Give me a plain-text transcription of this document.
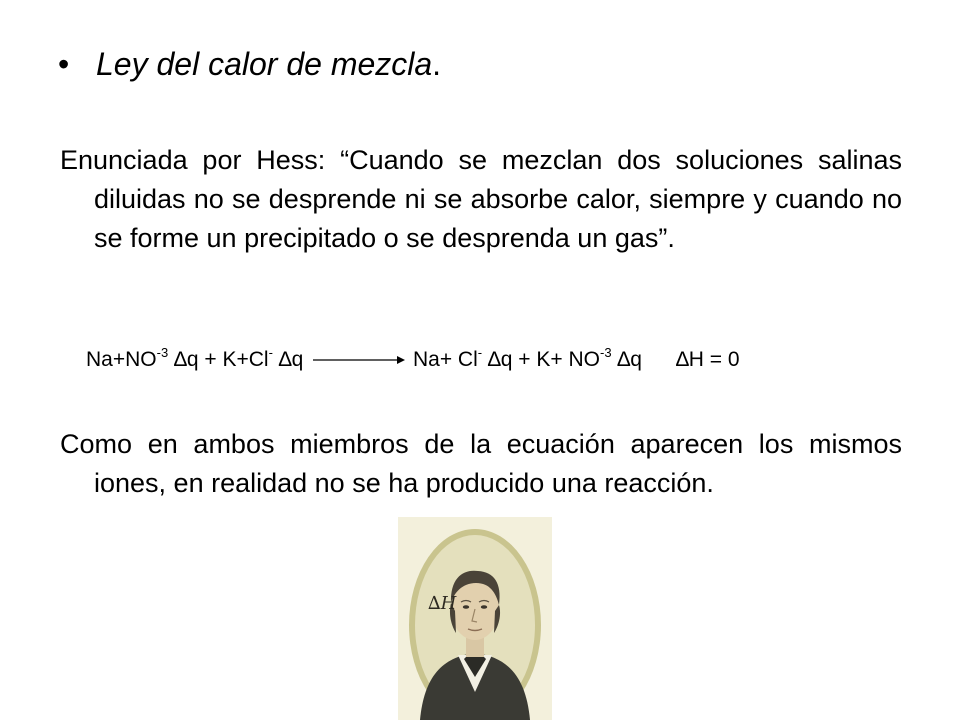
• Ley del calor de mezcla.
Enunciada por Hess: “Cuando se mezclan dos soluciones salinas diluidas no se desprende ni se absorbe calor, siempre y cuando no se forme un precipitado o se desprenda un gas”.
$Na+NO^{-3}$ ∆q + K+Cl- ∆q	Na+ Cl- $\Delta q + K+ NO^{-3}$ ∆q ∆H = 0
Como en ambos miembros de la ecuación aparecen los mismos iones, en realidad no se ha producido una reacción.
∆H
